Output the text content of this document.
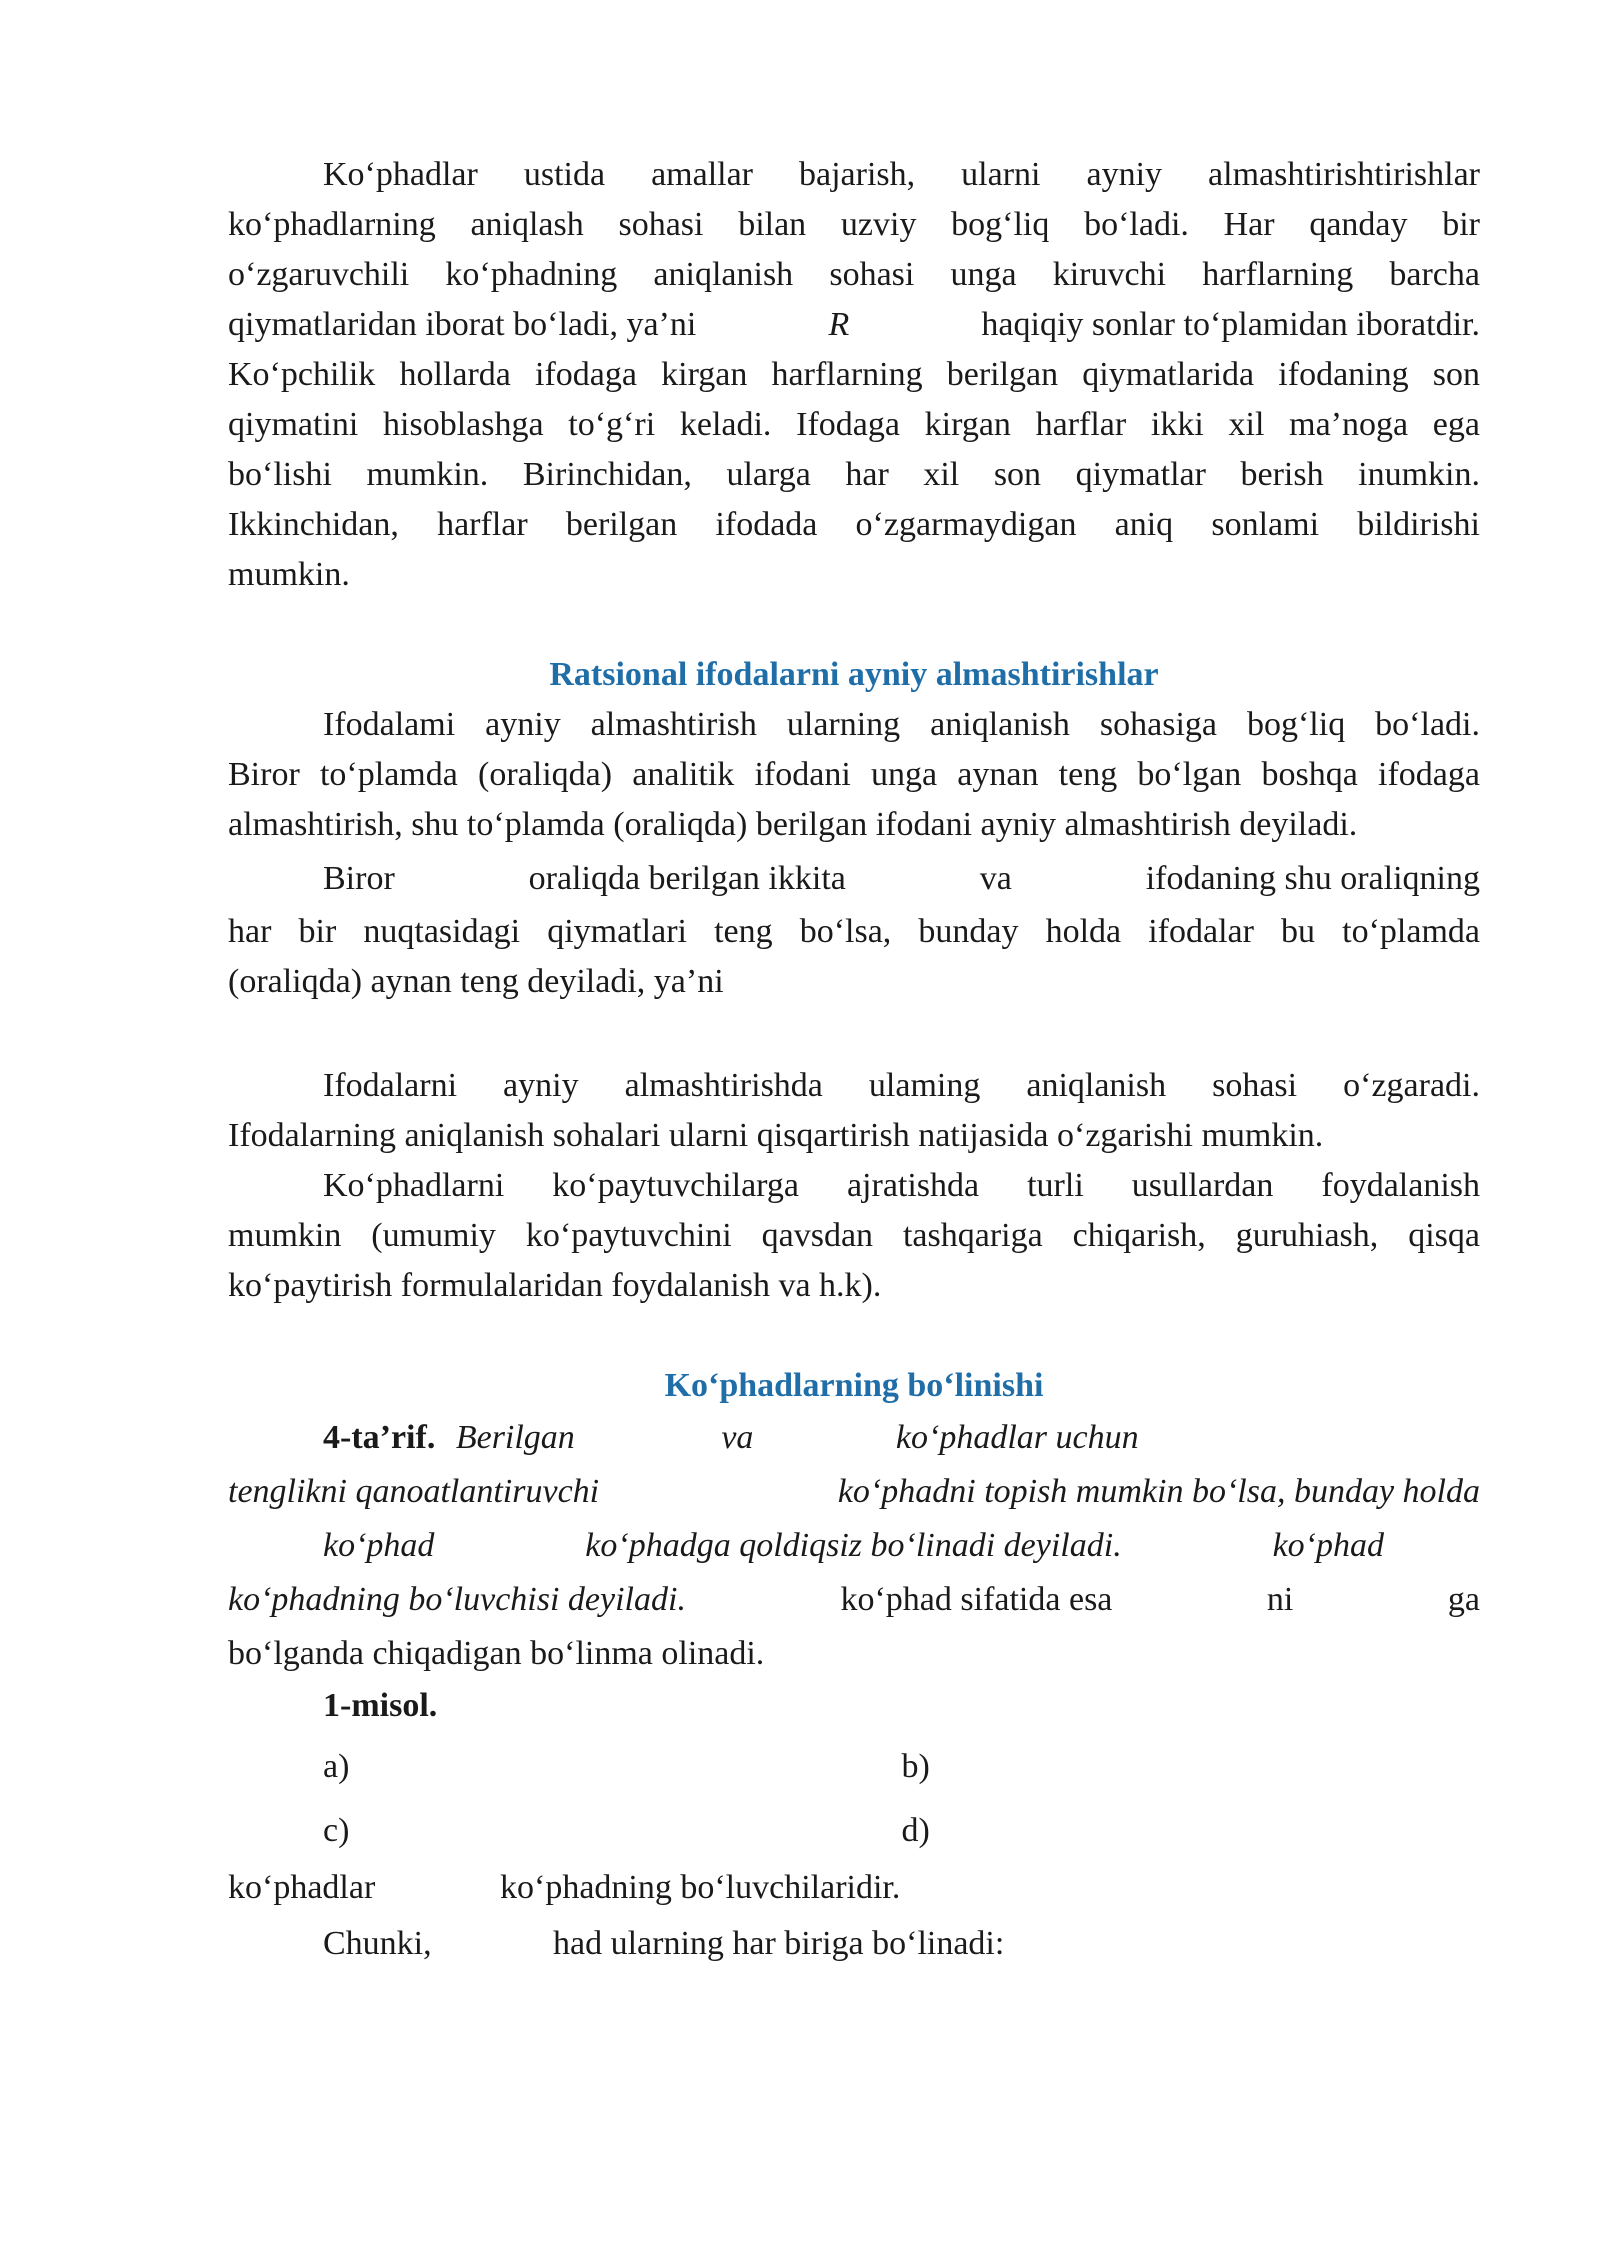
Ko‘phadlar ustida amallar bajarish, ularni ayniy almashtirishtirishlar

ko‘phadlarning aniqlash sohasi bilan uzviy bog‘liq bo‘ladi. Har qanday bir

o‘zgaruvchili ko‘phadning aniqlanish sohasi unga kiruvchi harflarning barcha

qiymatlaridan iborat bo‘ladi, ya’ni	R	haqiqiy sonlar to‘plamidan iboratdir.

Ko‘pchilik hollarda ifodaga kirgan harflarning berilgan qiymatlarida ifodaning son

qiymatini hisoblashga to‘g‘ri keladi. Ifodaga kirgan harflar ikki xil ma’noga ega

bo‘lishi mumkin. Birinchidan, ularga har xil son qiymatlar berish inumkin.

Ikkinchidan, harflar berilgan ifodada o‘zgarmaydigan aniq sonlami bildirishi

mumkin.

Ratsional ifodalarni ayniy almashtirishlar

Ifodalami ayniy almashtirish ularning aniqlanish sohasiga bog‘liq bo‘ladi.

Biror to‘plamda (oraliqda) analitik ifodani unga aynan teng bo‘lgan boshqa ifodaga

almashtirish, shu to‘plamda (oraliqda) berilgan ifodani ayniy almashtirish deyiladi.

Biror	oraliqda berilgan ikkita	va	ifodaning shu oraliqning

har bir nuqtasidagi qiymatlari teng bo‘lsa, bunday holda ifodalar bu to‘plamda

(oraliqda) aynan teng deyiladi, ya’ni

Ifodalarni ayniy almashtirishda ulaming aniqlanish sohasi o‘zgaradi.

Ifodalarning aniqlanish sohalari ularni qisqartirish natijasida o‘zgarishi mumkin.

Ko‘phadlarni ko‘paytuvchilarga ajratishda turli usullardan foydalanish

mumkin (umumiy ko‘paytuvchini qavsdan tashqariga chiqarish, guruhiash, qisqa

ko‘paytirish formulalaridan foydalanish va h.k).

Ko‘phadlarning bo‘linishi

4-ta’rif. Berilgan	va	ko‘phadlar uchun

tenglikni qanoatlantiruvchi	ko‘phadni topish mumkin bo‘lsa, bunday holda

ko‘phad	ko‘phadga qoldiqsiz bo‘linadi deyiladi.	ko‘phad

ko‘phadning bo‘luvchisi deyiladi.	ko‘phad sifatida esa	ni	ga

bo‘lganda chiqadigan bo‘linma olinadi.

1-misol.

a)	b)

c)	d)

ko‘phadlar	ko‘phadning bo‘luvchilaridir.

Chunki,	had ularning har biriga bo‘linadi:
